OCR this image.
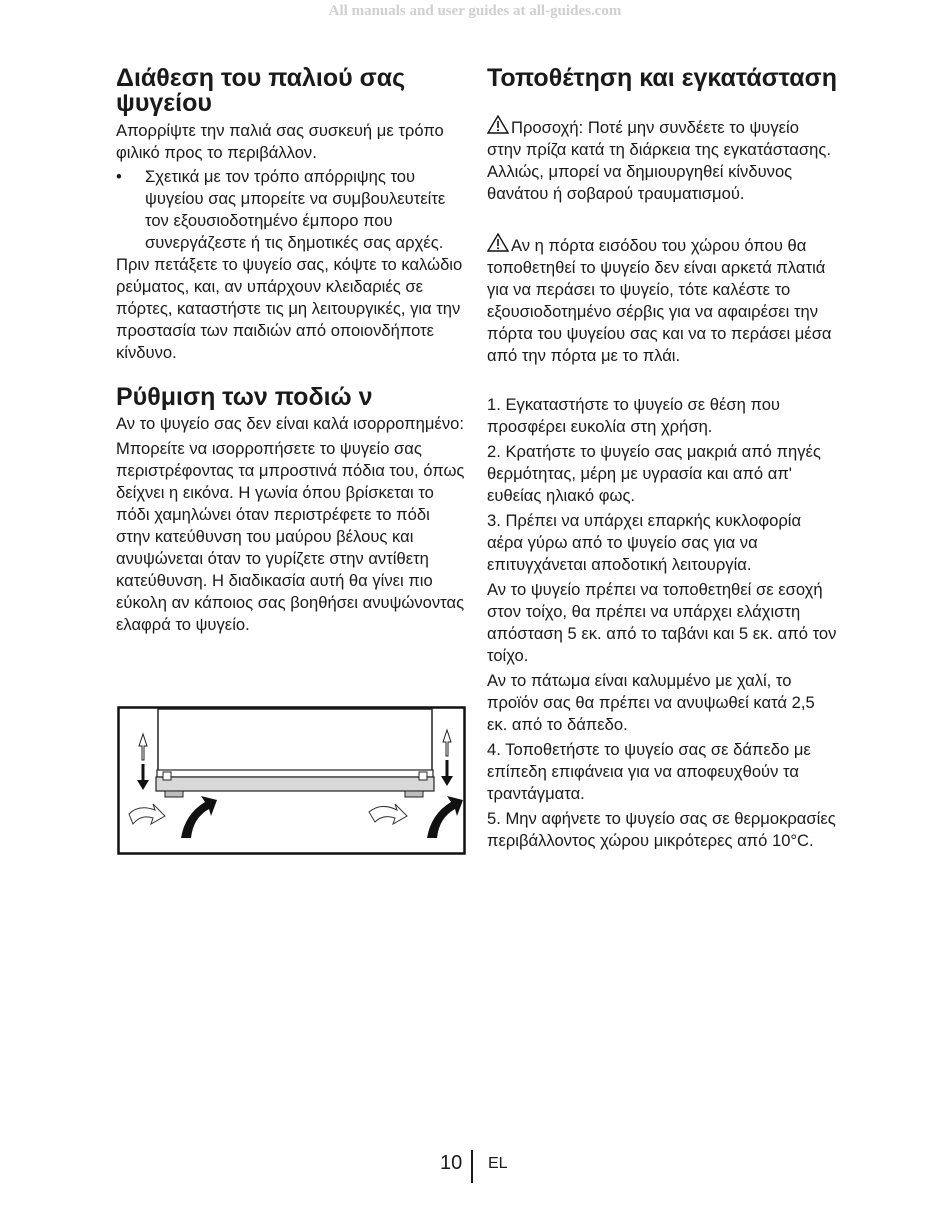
All manuals and user guides at all-guides.com
Διάθεση του παλιού σας ψυγείου

Απορρίψτε την παλιά σας συσκευή με τρόπο φιλικό προς το περιβάλλον.

• Σχετικά με τον τρόπο απόρριψης του ψυγείου σας μπορείτε να συμβουλευτείτε τον εξουσιοδοτημένο έμπορο που συνεργάζεστε ή τις δημοτικές σας αρχές.

Πριν πετάξετε το ψυγείο σας, κόψτε το καλώδιο ρεύματος, και, αν υπάρχουν κλειδαριές σε πόρτες, καταστήστε τις μη λειτουργικές, για την προστασία των παιδιών από οποιονδήποτε κίνδυνο.

Ρύθμιση των ποδιώ ν

Αν το ψυγείο σας δεν είναι καλά ισορροπημένο:

Μπορείτε να ισορροπήσετε το ψυγείο σας περιστρέφοντας τα μπροστινά πόδια του, όπως δείχνει η εικόνα. Η γωνία όπου βρίσκεται το πόδι χαμηλώνει όταν περιστρέφετε το πόδι στην κατεύθυνση του μαύρου βέλους και ανυψώνεται όταν το γυρίζετε στην αντίθετη κατεύθυνση. Η διαδικασία αυτή θα γίνει πιο εύκολη αν κάποιος σας βοηθήσει ανυψώνοντας ελαφρά το ψυγείο.

Τοποθέτηση και εγκατάσταση

Προσοχή: Ποτέ μην συνδέετε το ψυγείο στην πρίζα κατά τη διάρκεια της εγκατάστασης. Αλλιώς, μπορεί να δημιουργηθεί κίνδυνος θανάτου ή σοβαρού τραυματισμού.

Αν η πόρτα εισόδου του χώρου όπου θα τοποθετηθεί το ψυγείο δεν είναι αρκετά πλατιά για να περάσει το ψυγείο, τότε καλέστε το εξουσιοδοτημένο σέρβις για να αφαιρέσει την πόρτα του ψυγείου σας και να το περάσει μέσα από την πόρτα με το πλάι.

1. Εγκαταστήστε το ψυγείο σε θέση που προσφέρει ευκολία στη χρήση.

2. Κρατήστε το ψυγείο σας μακριά από πηγές θερμότητας, μέρη με υγρασία και από απ' ευθείας ηλιακό φως.

3. Πρέπει να υπάρχει επαρκής κυκλοφορία αέρα γύρω από το ψυγείο σας για να επιτυγχάνεται αποδοτική λειτουργία.

Αν το ψυγείο πρέπει να τοποθετηθεί σε εσοχή στον τοίχο, θα πρέπει να υπάρχει ελάχιστη απόσταση 5 εκ. από το ταβάνι και 5 εκ. από τον τοίχο.

Αν το πάτωμα είναι καλυμμένο με χαλί, το προϊόν σας θα πρέπει να ανυψωθεί κατά 2,5 εκ. από το δάπεδο.

4. Τοποθετήστε το ψυγείο σας σε δάπεδο με επίπεδη επιφάνεια για να αποφευχθούν τα τραντάγματα.

5. Μην αφήνετε το ψυγείο σας σε θερμοκρασίες περιβάλλοντος χώρου μικρότερες από 10°C.

10 EL
